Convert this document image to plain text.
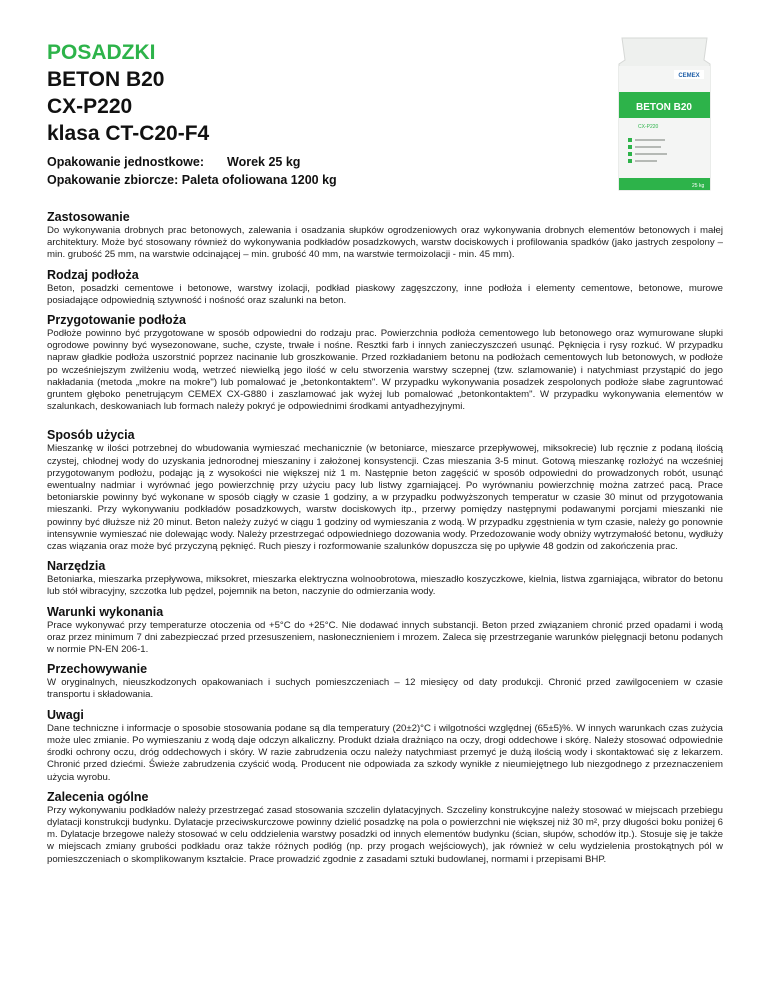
POSADZKI

BETON B20

CX-P220

klasa CT-C20-F4

Opakowanie jednostkowe: Worek 25 kg
Opakowanie zbiorcze: Paleta ofoliowana 1200 kg
CEMEX
BETON B20
CX-P220
25 kg
Zastosowanie

Do wykonywania drobnych prac betonowych, zalewania i osadzania słupków ogrodzeniowych oraz wykonywania drobnych elementów betonowych i małej architektury. Może być stosowany również do wykonywania podkładów posadzkowych, warstw dociskowych i profilowania spadków (jako jastrych zespolony – min. grubość 25 mm, na warstwie odcinającej – min. grubość 40 mm, na warstwie termoizolacji - min. 45 mm).

Rodzaj podłoża

Beton, posadzki cementowe i betonowe, warstwy izolacji, podkład piaskowy zagęszczony, inne podłoża i elementy cementowe, betonowe, murowe posiadające odpowiednią sztywność i nośność oraz szalunki na beton.

Przygotowanie podłoża

Podłoże powinno być przygotowane w sposób odpowiedni do rodzaju prac. Powierzchnia podłoża cementowego lub betonowego oraz wymurowane słupki ogrodowe powinny być wysezonowane, suche, czyste, trwałe i nośne. Resztki farb i innych zanieczyszczeń usunąć. Pęknięcia i rysy rozkuć. W przypadku napraw gładkie podłoża uszorstnić poprzez nacinanie lub groszkowanie. Przed rozkładaniem betonu na podłożach cementowych lub betonowych, w podłoże po wcześniejszym zwilżeniu wodą, wetrzeć niewielką jego ilość w celu stworzenia warstwy sczepnej (tzw. szlamowanie) i natychmiast przystąpić do jego nakładania (metoda „mokre na mokre") lub pomalować je „betonkontaktem". W przypadku wykonywania posadzek zespolonych podłoże słabe zagruntować gruntem głęboko penetrującym CEMEX CX-G880 i zaszlamować jak wyżej lub pomalować „betonkontaktem". W przypadku wykonywania elementów w szalunkach, deskowaniach lub formach należy pokryć je odpowiednimi środkami antyadhezyjnymi.

Sposób użycia

Mieszankę w ilości potrzebnej do wbudowania wymieszać mechanicznie (w betoniarce, mieszarce przepływowej, miksokrecie) lub ręcznie z podaną ilością czystej, chłodnej wody do uzyskania jednorodnej mieszaniny i założonej konsystencji. Czas mieszania 3-5 minut. Gotową mieszankę rozłożyć na wcześniej przygotowanym podłożu, podając ją z wysokości nie większej niż 1 m. Następnie beton zagęścić w sposób odpowiedni do prowadzonych robót, usunąć ewentualny nadmiar i wyrównać jego powierzchnię przy użyciu pacy lub listwy zgarniającej. Po wyrównaniu powierzchnię można zatrzeć pacą. Prace betoniarskie powinny być wykonane w sposób ciągły w czasie 1 godziny, a w przypadku podwyższonych temperatur w czasie 30 minut od przygotowania mieszanki. Przy wykonywaniu podkładów posadzkowych, warstw dociskowych itp., przerwy pomiędzy następnymi podawanymi porcjami mieszanki nie powinny być dłuższe niż 20 minut. Beton należy zużyć w ciągu 1 godziny od wymieszania z wodą. W przypadku zgęstnienia w tym czasie, należy go ponownie intensywnie wymieszać nie dolewając wody. Należy przestrzegać odpowiedniego dozowania wody. Przedozowanie wody obniży wytrzymałość betonu, wydłuży czas wiązania oraz może być przyczyną pęknięć. Ruch pieszy i rozformowanie szalunków dopuszcza się po upływie 48 godzin od zakończenia prac.

Narzędzia

Betoniarka, mieszarka przepływowa, miksokret, mieszarka elektryczna wolnoobrotowa, mieszadło koszyczkowe, kielnia, listwa zgarniająca, wibrator do betonu lub stół wibracyjny, szczotka lub pędzel, pojemnik na beton, naczynie do odmierzania wody.

Warunki wykonania

Prace wykonywać przy temperaturze otoczenia od +5°C do +25°C. Nie dodawać innych substancji. Beton przed związaniem chronić przed opadami i wodą oraz przez minimum 7 dni zabezpieczać przed przesuszeniem, nasłonecznieniem i mrozem. Zaleca się przestrzeganie warunków pielęgnacji betonu podanych w normie PN-EN 206-1.

Przechowywanie

W oryginalnych, nieuszkodzonych opakowaniach i suchych pomieszczeniach – 12 miesięcy od daty produkcji. Chronić przed zawilgoceniem w czasie transportu i składowania.

Uwagi

Dane techniczne i informacje o sposobie stosowania podane są dla temperatury (20±2)°C i wilgotności względnej (65±5)%. W innych warunkach czas zużycia może ulec zmianie. Po wymieszaniu z wodą daje odczyn alkaliczny. Produkt działa drażniąco na oczy, drogi oddechowe i skórę. Należy stosować odpowiednie środki ochrony oczu, dróg oddechowych i skóry. W razie zabrudzenia oczu należy natychmiast przemyć je dużą ilością wody i skontaktować się z lekarzem. Chronić przed dziećmi. Świeże zabrudzenia czyścić wodą. Producent nie odpowiada za szkody wynikłe z nieumiejętnego lub niezgodnego z przeznaczeniem użycia wyrobu.

Zalecenia ogólne

Przy wykonywaniu podkładów należy przestrzegać zasad stosowania szczelin dylatacyjnych. Szczeliny konstrukcyjne należy stosować w miejscach przebiegu dylatacji konstrukcji budynku. Dylatacje przeciwskurczowe powinny dzielić posadzkę na pola o powierzchni nie większej niż 30 m², przy długości boku poniżej 6 m. Dylatacje brzegowe należy stosować w celu oddzielenia warstwy posadzki od innych elementów budynku (ścian, słupów, schodów itp.). Stosuje się je także w miejscach zmiany grubości podkładu oraz także różnych podłóg (np. przy progach wejściowych), jak również w celu wydzielenia prostokątnych pól w pomieszczeniach o skomplikowanym kształcie. Prace prowadzić zgodnie z zasadami sztuki budowlanej, normami i przepisami BHP.
